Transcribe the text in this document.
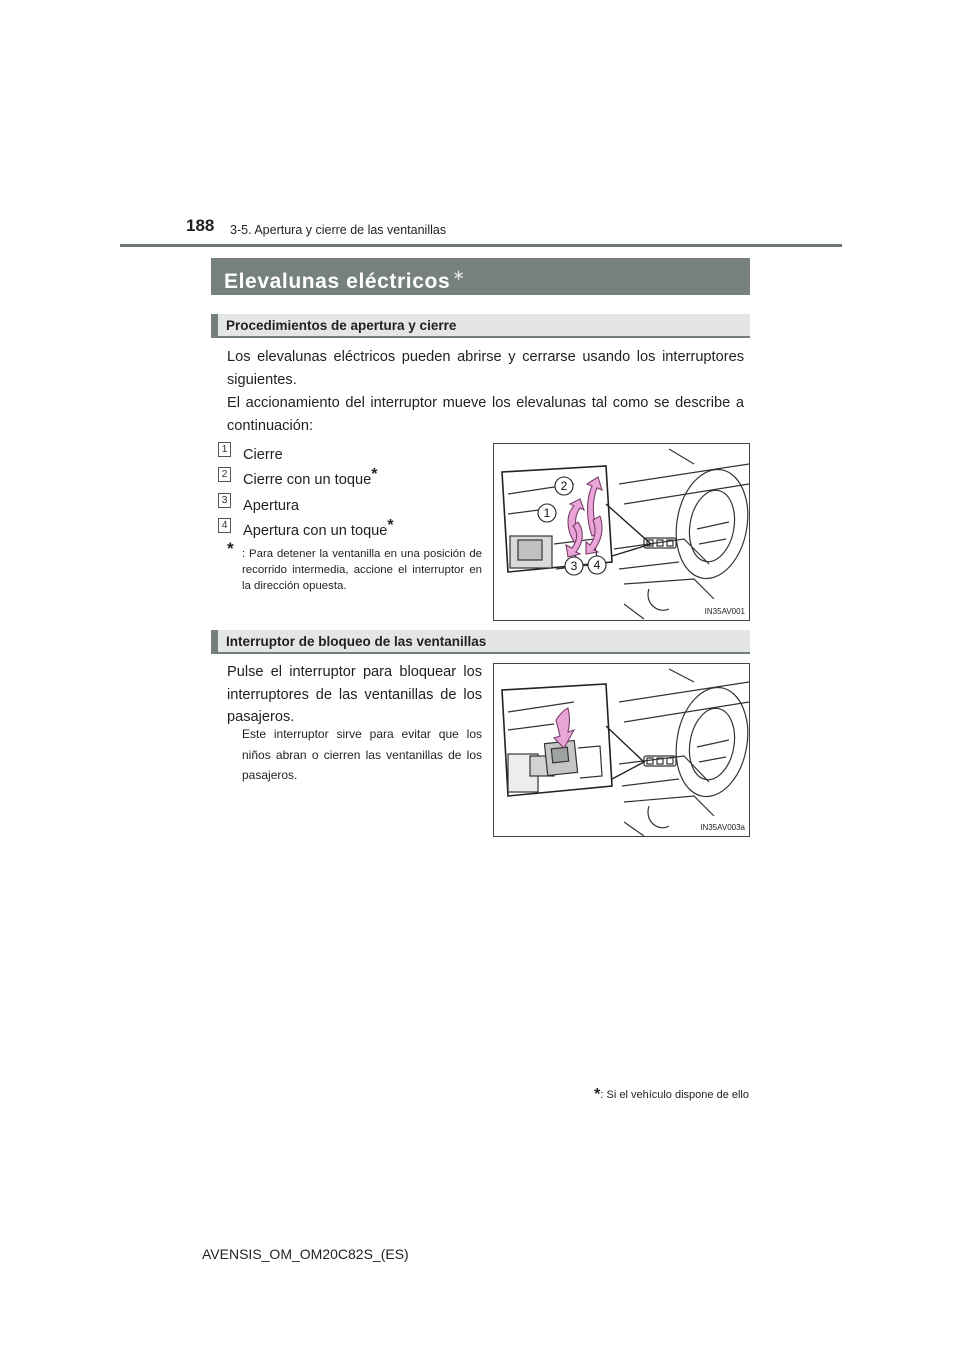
188 3-5. Apertura y cierre de las ventanillas
Elevalunas eléctricos ∗
Procedimientos de apertura y cierre
Los elevalunas eléctricos pueden abrirse y cerrarse usando los interruptores siguientes.
El accionamiento del interruptor mueve los elevalunas tal como se describe a continuación:
1 Cierre
2 Cierre con un toque*
3 Apertura
4 Apertura con un toque*
* : Para detener la ventanilla en una posición de recorrido intermedia, accione el interruptor en la dirección opuesta.
1
2
3 4
IN35AV001
Interruptor de bloqueo de las ventanillas
Pulse el interruptor para bloquear los interruptores de las ventanillas de los pasajeros.
Este interruptor sirve para evitar que los niños abran o cierren las ventanillas de los pasajeros.
IN35AV003a
*: Si el vehículo dispone de ello
AVENSIS_OM_OM20C82S_(ES)
